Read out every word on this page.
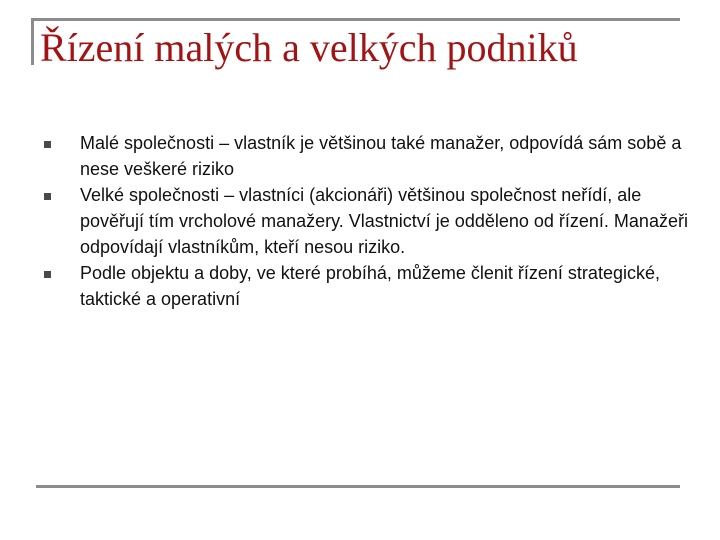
Řízení malých a velkých podniků
Malé společnosti – vlastník je většinou také manažer, odpovídá sám sobě a nese veškeré riziko
Velké společnosti – vlastníci (akcionáři) většinou společnost neřídí, ale pověřují tím vrcholové manažery. Vlastnictví je odděleno od řízení. Manažeři odpovídají vlastníkům, kteří nesou riziko.
Podle objektu a doby, ve které probíhá, můžeme členit řízení strategické, taktické a operativní
